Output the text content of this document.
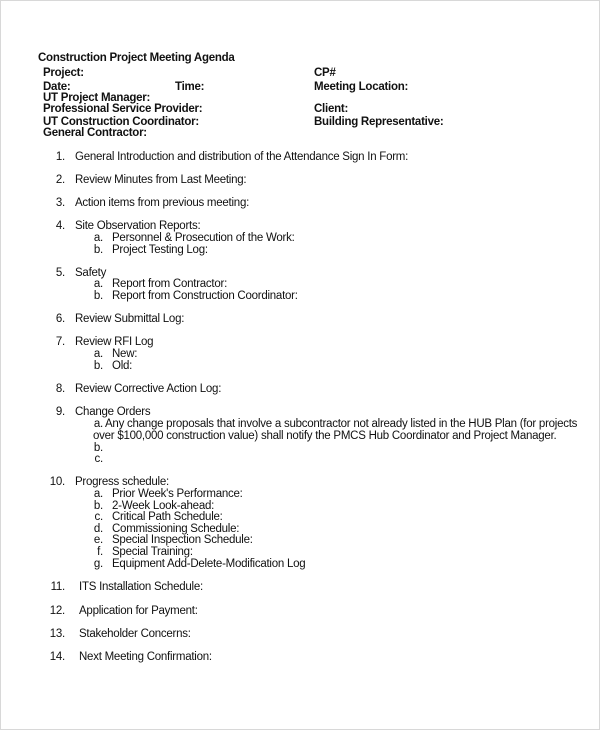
Construction Project Meeting Agenda
Project:
Date:	Time:
UT Project Manager:
Professional Service Provider:
UT Construction Coordinator:
General Contractor:
CP#
Meeting Location:
Client:
Building Representative:
1. General Introduction and distribution of the Attendance Sign In Form:
2. Review Minutes from Last Meeting:
3. Action items from previous meeting:
4. Site Observation Reports:
a. Personnel & Prosecution of the Work:
b. Project Testing Log:
5. Safety
a. Report from Contractor:
b. Report from Construction Coordinator:
6. Review Submittal Log:
7. Review RFI Log
a. New:
b. Old:
8. Review Corrective Action Log:
9. Change Orders
a. Any change proposals that involve a subcontractor not already listed in the HUB Plan (for projects
over $100,000 construction value) shall notify the PMCS Hub Coordinator and Project Manager.
b.
c.
10. Progress schedule:
a. Prior Week's Performance:
b. 2-Week Look-ahead:
c. Critical Path Schedule:
d. Commissioning Schedule:
e. Special Inspection Schedule:
f. Special Training:
g. Equipment Add-Delete-Modification Log
11. ITS Installation Schedule:
12. Application for Payment:
13. Stakeholder Concerns:
14. Next Meeting Confirmation:
